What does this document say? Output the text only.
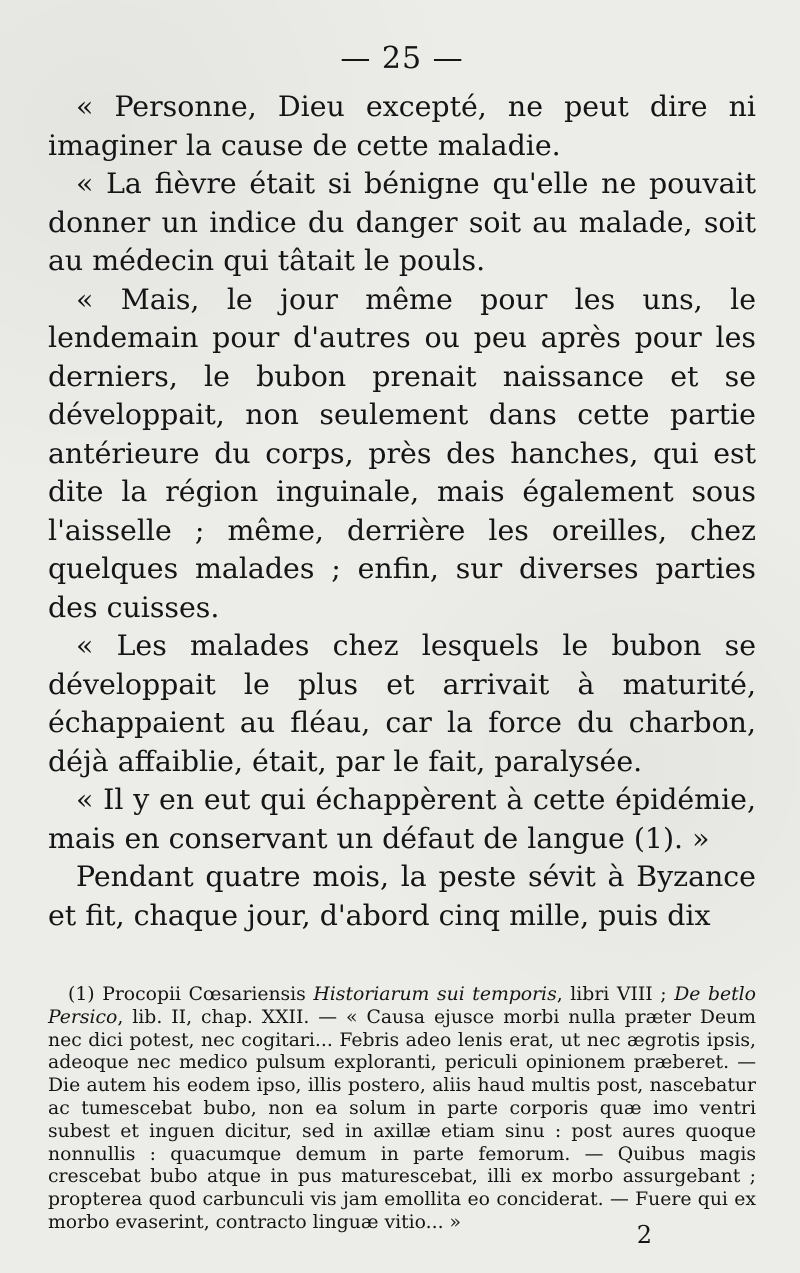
— 25 —

« Personne, Dieu excepté, ne peut dire ni imaginer la cause de cette maladie.

« La fièvre était si bénigne qu'elle ne pouvait donner un indice du danger soit au malade, soit au médecin qui tâtait le pouls.

« Mais, le jour même pour les uns, le lendemain pour d'autres ou peu après pour les derniers, le bubon prenait naissance et se développait, non seulement dans cette partie antérieure du corps, près des hanches, qui est dite la région inguinale, mais également sous l'aisselle ; même, derrière les oreilles, chez quelques malades ; enfin, sur diverses parties des cuisses.

« Les malades chez lesquels le bubon se développait le plus et arrivait à maturité, échappaient au fléau, car la force du charbon, déjà affaiblie, était, par le fait, paralysée.

« Il y en eut qui échappèrent à cette épidémie, mais en conservant un défaut de langue (1). »

Pendant quatre mois, la peste sévit à Byzance et fit, chaque jour, d'abord cinq mille, puis dix

(1) Procopii Cœsariensis Historiarum sui temporis, libri VIII ; De betlo Persico, lib. II, chap. XXII. — « Causa ejusce morbi nulla præter Deum nec dici potest, nec cogitari... Febris adeo lenis erat, ut nec ægrotis ipsis, adeoque nec medico pulsum exploranti, periculi opinionem præberet. — Die autem his eodem ipso, illis postero, aliis haud multis post, nascebatur ac tumescebat bubo, non ea solum in parte corporis quæ imo ventri subest et inguen dicitur, sed in axillæ etiam sinu : post aures quoque nonnullis : quacumque demum in parte femorum. — Quibus magis crescebat bubo atque in pus maturescebat, illi ex morbo assurgebant ; propterea quod carbunculi vis jam emollita eo conciderat. — Fuere qui ex morbo evaserint, contracto linguæ vitio... »	2
